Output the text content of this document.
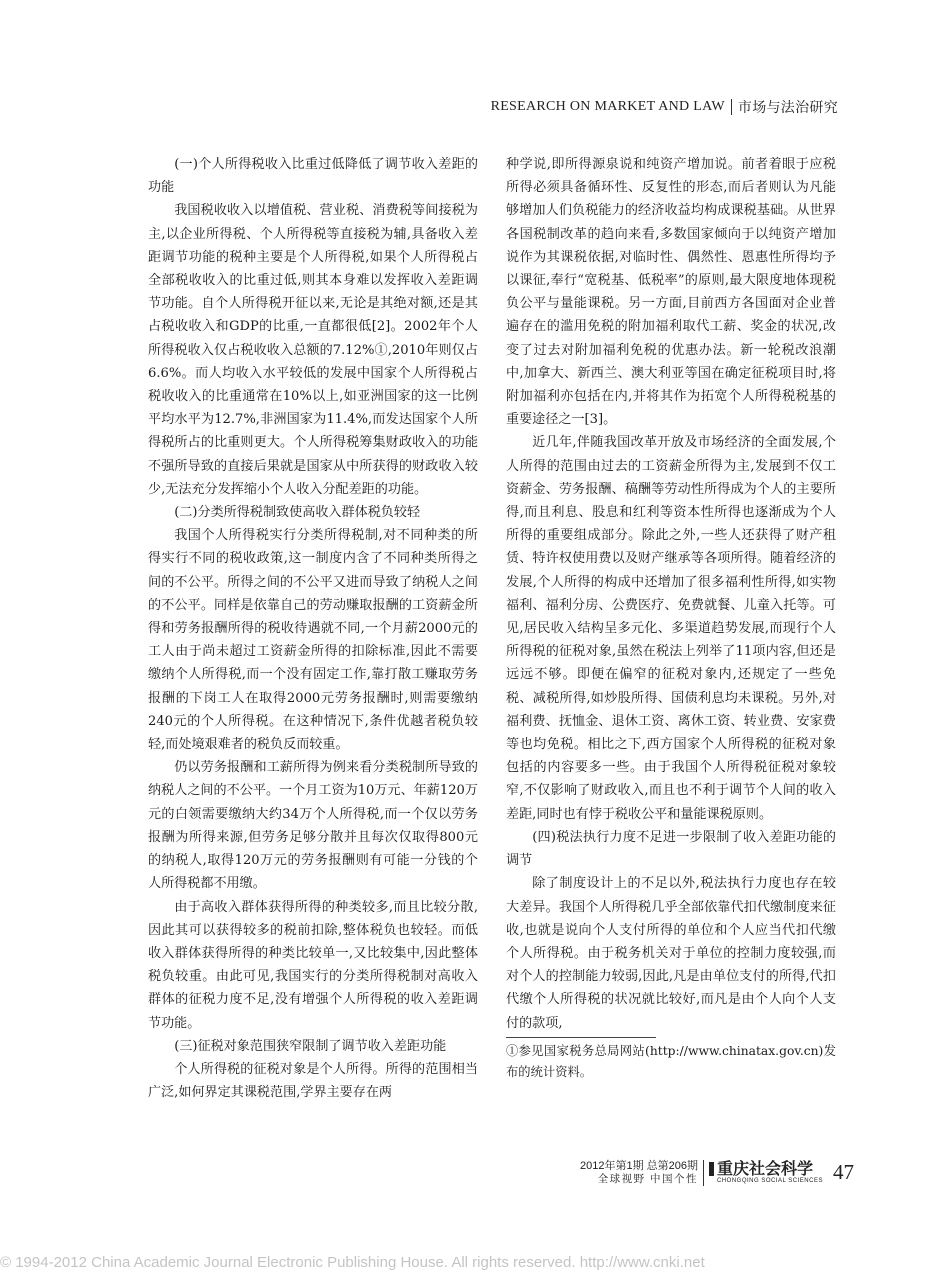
RESEARCH ON MARKET AND LAW 市场与法治研究

(一)个人所得税收入比重过低降低了调节收入差距的功能

我国税收收入以增值税、营业税、消费税等间接税为主,以企业所得税、个人所得税等直接税为辅,具备收入差距调节功能的税种主要是个人所得税,如果个人所得税占全部税收收入的比重过低,则其本身难以发挥收入差距调节功能。自个人所得税开征以来,无论是其绝对额,还是其占税收收入和GDP的比重,一直都很低[2]。2002年个人所得税收入仅占税收收入总额的7.12%①,2010年则仅占6.6%。而人均收入水平较低的发展中国家个人所得税占税收收入的比重通常在10%以上,如亚洲国家的这一比例平均水平为12.7%,非洲国家为11.4%,而发达国家个人所得税所占的比重则更大。个人所得税筹集财政收入的功能不强所导致的直接后果就是国家从中所获得的财政收入较少,无法充分发挥缩小个人收入分配差距的功能。

(二)分类所得税制致使高收入群体税负较轻

我国个人所得税实行分类所得税制,对不同种类的所得实行不同的税收政策,这一制度内含了不同种类所得之间的不公平。所得之间的不公平又进而导致了纳税人之间的不公平。同样是依靠自己的劳动赚取报酬的工资薪金所得和劳务报酬所得的税收待遇就不同,一个月薪2000元的工人由于尚未超过工资薪金所得的扣除标准,因此不需要缴纳个人所得税,而一个没有固定工作,靠打散工赚取劳务报酬的下岗工人在取得2000元劳务报酬时,则需要缴纳240元的个人所得税。在这种情况下,条件优越者税负较轻,而处境艰难者的税负反而较重。

仍以劳务报酬和工薪所得为例来看分类税制所导致的纳税人之间的不公平。一个月工资为10万元、年薪120万元的白领需要缴纳大约34万个人所得税,而一个仅以劳务报酬为所得来源,但劳务足够分散并且每次仅取得800元的纳税人,取得120万元的劳务报酬则有可能一分钱的个人所得税都不用缴。

由于高收入群体获得所得的种类较多,而且比较分散,因此其可以获得较多的税前扣除,整体税负也较轻。而低收入群体获得所得的种类比较单一,又比较集中,因此整体税负较重。由此可见,我国实行的分类所得税制对高收入群体的征税力度不足,没有增强个人所得税的收入差距调节功能。

(三)征税对象范围狭窄限制了调节收入差距功能

个人所得税的征税对象是个人所得。所得的范围相当广泛,如何界定其课税范围,学界主要存在两

种学说,即所得源泉说和纯资产增加说。前者着眼于应税所得必须具备循环性、反复性的形态,而后者则认为凡能够增加人们负税能力的经济收益均构成课税基础。从世界各国税制改革的趋向来看,多数国家倾向于以纯资产增加说作为其课税依据,对临时性、偶然性、恩惠性所得均予以课征,奉行“宽税基、低税率”的原则,最大限度地体现税负公平与量能课税。另一方面,目前西方各国面对企业普遍存在的滥用免税的附加福利取代工薪、奖金的状况,改变了过去对附加福利免税的优惠办法。新一轮税改浪潮中,加拿大、新西兰、澳大利亚等国在确定征税项目时,将附加福利亦包括在内,并将其作为拓宽个人所得税税基的重要途径之一[3]。

近几年,伴随我国改革开放及市场经济的全面发展,个人所得的范围由过去的工资薪金所得为主,发展到不仅工资薪金、劳务报酬、稿酬等劳动性所得成为个人的主要所得,而且利息、股息和红利等资本性所得也逐渐成为个人所得的重要组成部分。除此之外,一些人还获得了财产租赁、特许权使用费以及财产继承等各项所得。随着经济的发展,个人所得的构成中还增加了很多福利性所得,如实物福利、福利分房、公费医疗、免费就餐、儿童入托等。可见,居民收入结构呈多元化、多渠道趋势发展,而现行个人所得税的征税对象,虽然在税法上列举了11项内容,但还是远远不够。即便在偏窄的征税对象内,还规定了一些免税、减税所得,如炒股所得、国债利息均未课税。另外,对福利费、抚恤金、退休工资、离休工资、转业费、安家费等也均免税。相比之下,西方国家个人所得税的征税对象包括的内容要多一些。由于我国个人所得税征税对象较窄,不仅影响了财政收入,而且也不利于调节个人间的收入差距,同时也有悖于税收公平和量能课税原则。

(四)税法执行力度不足进一步限制了收入差距功能的调节

除了制度设计上的不足以外,税法执行力度也存在较大差异。我国个人所得税几乎全部依靠代扣代缴制度来征收,也就是说向个人支付所得的单位和个人应当代扣代缴个人所得税。由于税务机关对于单位的控制力度较强,而对个人的控制能力较弱,因此,凡是由单位支付的所得,代扣代缴个人所得税的状况就比较好,而凡是由个人向个人支付的款项,

①参见国家税务总局网站(http://www.chinatax.gov.cn)发布的统计资料。

2012年第1期 总第206期
全球视野 中国个性
重庆社会科学
CHONGQING SOCIAL SCIENCES 47
© 1994-2012 China Academic Journal Electronic Publishing House. All rights reserved. http://www.cnki.net
